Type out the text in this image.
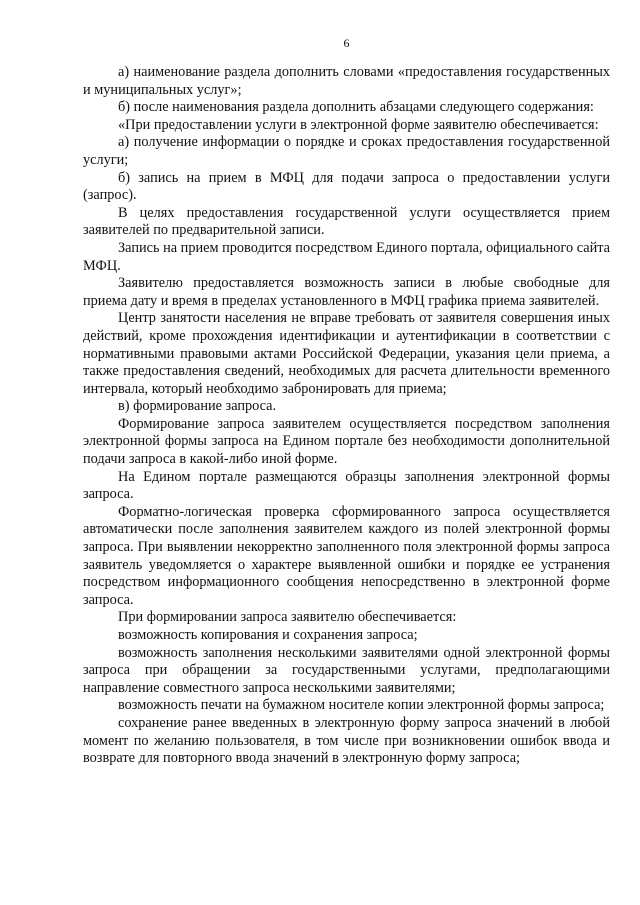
6

а) наименование раздела дополнить словами «предоставления государственных и муниципальных услуг»;

б) после наименования раздела дополнить абзацами следующего содержания:

«При предоставлении услуги в электронной форме заявителю обеспечивается:

а) получение информации о порядке и сроках предоставления государственной услуги;

б) запись на прием в МФЦ для подачи запроса о предоставлении услуги (запрос).

В целях предоставления государственной услуги осуществляется прием заявителей по предварительной записи.

Запись на прием проводится посредством Единого портала, официального сайта МФЦ.

Заявителю предоставляется возможность записи в любые свободные для приема дату и время в пределах установленного в МФЦ графика приема заявителей.

Центр занятости населения не вправе требовать от заявителя совершения иных действий, кроме прохождения идентификации и аутентификации в соответствии с нормативными правовыми актами Российской Федерации, указания цели приема, а также предоставления сведений, необходимых для расчета длительности временного интервала, который необходимо забронировать для приема;

в) формирование запроса.

Формирование запроса заявителем осуществляется посредством заполнения электронной формы запроса на Едином портале без необходимости дополнительной подачи запроса в какой-либо иной форме.

На Едином портале размещаются образцы заполнения электронной формы запроса.

Форматно-логическая проверка сформированного запроса осуществляется автоматически после заполнения заявителем каждого из полей электронной формы запроса. При выявлении некорректно заполненного поля электронной формы запроса заявитель уведомляется о характере выявленной ошибки и порядке ее устранения посредством информационного сообщения непосредственно в электронной форме запроса.

При формировании запроса заявителю обеспечивается:

возможность копирования и сохранения запроса;

возможность заполнения несколькими заявителями одной электронной формы запроса при обращении за государственными услугами, предполагающими направление совместного запроса несколькими заявителями;

возможность печати на бумажном носителе копии электронной формы запроса;

сохранение ранее введенных в электронную форму запроса значений в любой момент по желанию пользователя, в том числе при возникновении ошибок ввода и возврате для повторного ввода значений в электронную форму запроса;
